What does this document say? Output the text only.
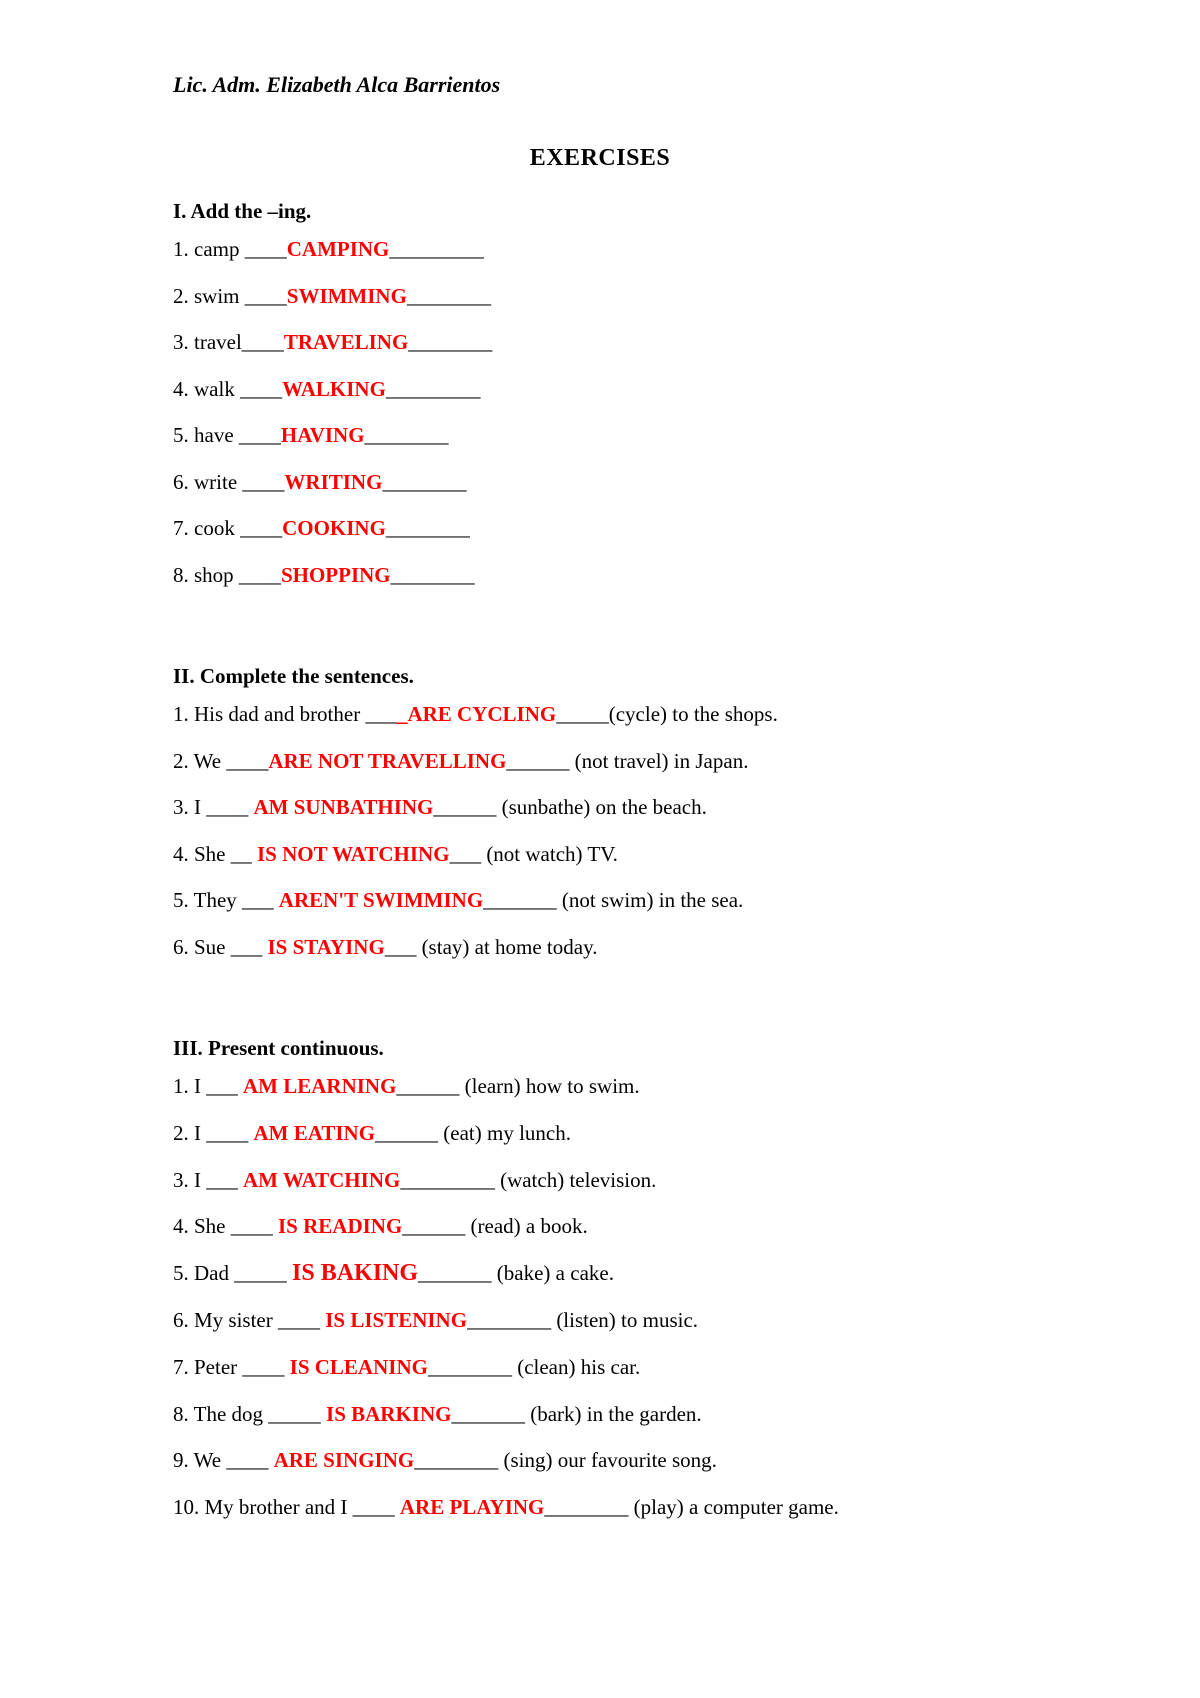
Lic. Adm. Elizabeth Alca Barrientos
EXERCISES
I. Add the –ing.
1. camp ____CAMPING_________
2. swim ____SWIMMING________
3. travel____TRAVELING________
4. walk ____WALKING_________
5. have ____HAVING________
6. write ____WRITING________
7. cook ____COOKING________
8. shop ____SHOPPING________
II. Complete the sentences.
1. His dad and brother ____ARE CYCLING_____(cycle) to the shops.
2. We ____ARE NOT TRAVELLING______ (not travel) in Japan.
3. I ____ AM SUNBATHING______ (sunbathe) on the beach.
4. She __ IS NOT WATCHING___ (not watch) TV.
5. They ___ AREN'T SWIMMING_______ (not swim) in the sea.
6. Sue ___ IS STAYING___ (stay) at home today.
III. Present continuous.
1. I ___ AM LEARNING______ (learn) how to swim.
2. I ____ AM EATING______ (eat) my lunch.
3. I ___ AM WATCHING_________ (watch) television.
4. She ____ IS READING______ (read) a book.
5. Dad _____ IS BAKING_______ (bake) a cake.
6. My sister ____ IS LISTENING________ (listen) to music.
7. Peter ____ IS CLEANING________ (clean) his car.
8. The dog _____ IS BARKING_______ (bark) in the garden.
9. We ____ ARE SINGING________ (sing) our favourite song.
10. My brother and I ____ ARE PLAYING________ (play) a computer game.
